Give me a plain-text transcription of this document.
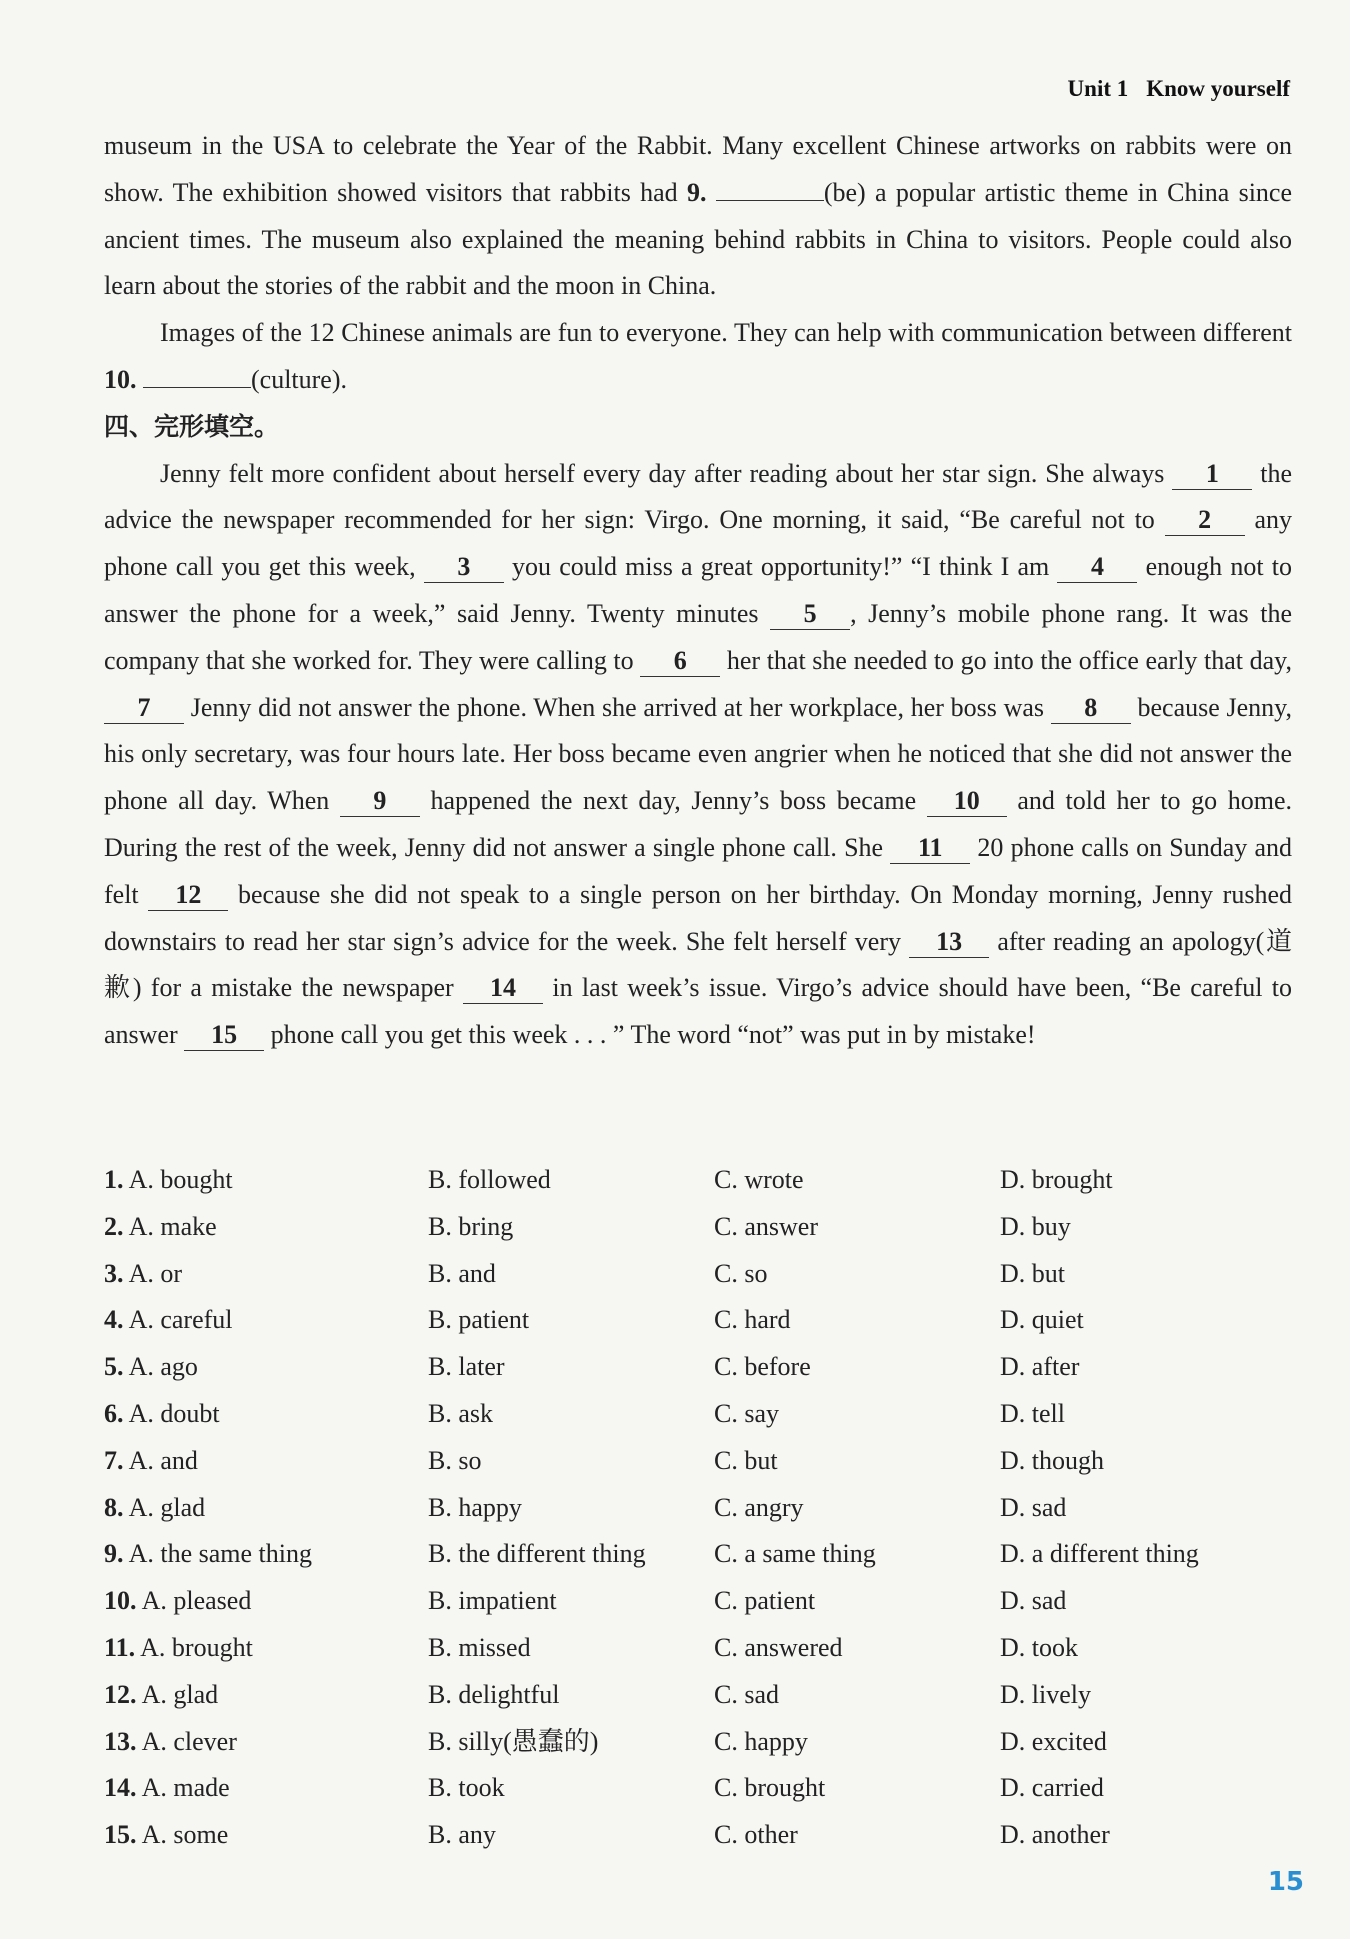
Unit 1 Know yourself

museum in the USA to celebrate the Year of the Rabbit. Many excellent Chinese artworks on rabbits were on show. The exhibition showed visitors that rabbits had 9.	(be) a popular artistic theme in China since ancient times. The museum also explained the meaning behind rabbits in China to visitors. People could also learn about the stories of the rabbit and the moon in China.

Images of the 12 Chinese animals are fun to everyone. They can help with communication between different 10.	(culture).

四、完形填空。

Jenny felt more confident about herself every day after reading about her star sign. She always 1 the advice the newspaper recommended for her sign: Virgo. One morning, it said, “Be careful not to 2 any phone call you get this week, 3 you could miss a great opportunity!” “I think I am 4 enough not to answer the phone for a week,” said Jenny. Twenty minutes 5 , Jenny’s mobile phone rang. It was the company that she worked for. They were calling to 6 her that she needed to go into the office early that day, 7 Jenny did not answer the phone. When she arrived at her workplace, her boss was 8 because Jenny, his only secretary, was four hours late. Her boss became even angrier when he noticed that she did not answer the phone all day. When 9 happened the next day, Jenny’s boss became 10 and told her to go home. During the rest of the week, Jenny did not answer a single phone call. She 11 20 phone calls on Sunday and felt 12 because she did not speak to a single person on her birthday. On Monday morning, Jenny rushed downstairs to read her star sign’s advice for the week. She felt herself very 13 after reading an apology(道歉) for a mistake the newspaper 14 in last week’s issue. Virgo’s advice should have been, “Be careful to answer 15 phone call you get this week . . . ” The word “not” was put in by mistake!

1. A. bought	B. followed	C. wrote	D. brought
2. A. make	B. bring	C. answer	D. buy
3. A. or	B. and	C. so	D. but
4. A. careful	B. patient	C. hard	D. quiet
5. A. ago	B. later	C. before	D. after
6. A. doubt	B. ask	C. say	D. tell
7. A. and	B. so	C. but	D. though
8. A. glad	B. happy	C. angry	D. sad
9. A. the same thing	B. the different thing	C. a same thing	D. a different thing
10. A. pleased	B. impatient	C. patient	D. sad
11. A. brought	B. missed	C. answered	D. took
12. A. glad	B. delightful	C. sad	D. lively
13. A. clever	B. silly(愚蠢的)	C. happy	D. excited
14. A. made	B. took	C. brought	D. carried
15. A. some	B. any	C. other	D. another
15
